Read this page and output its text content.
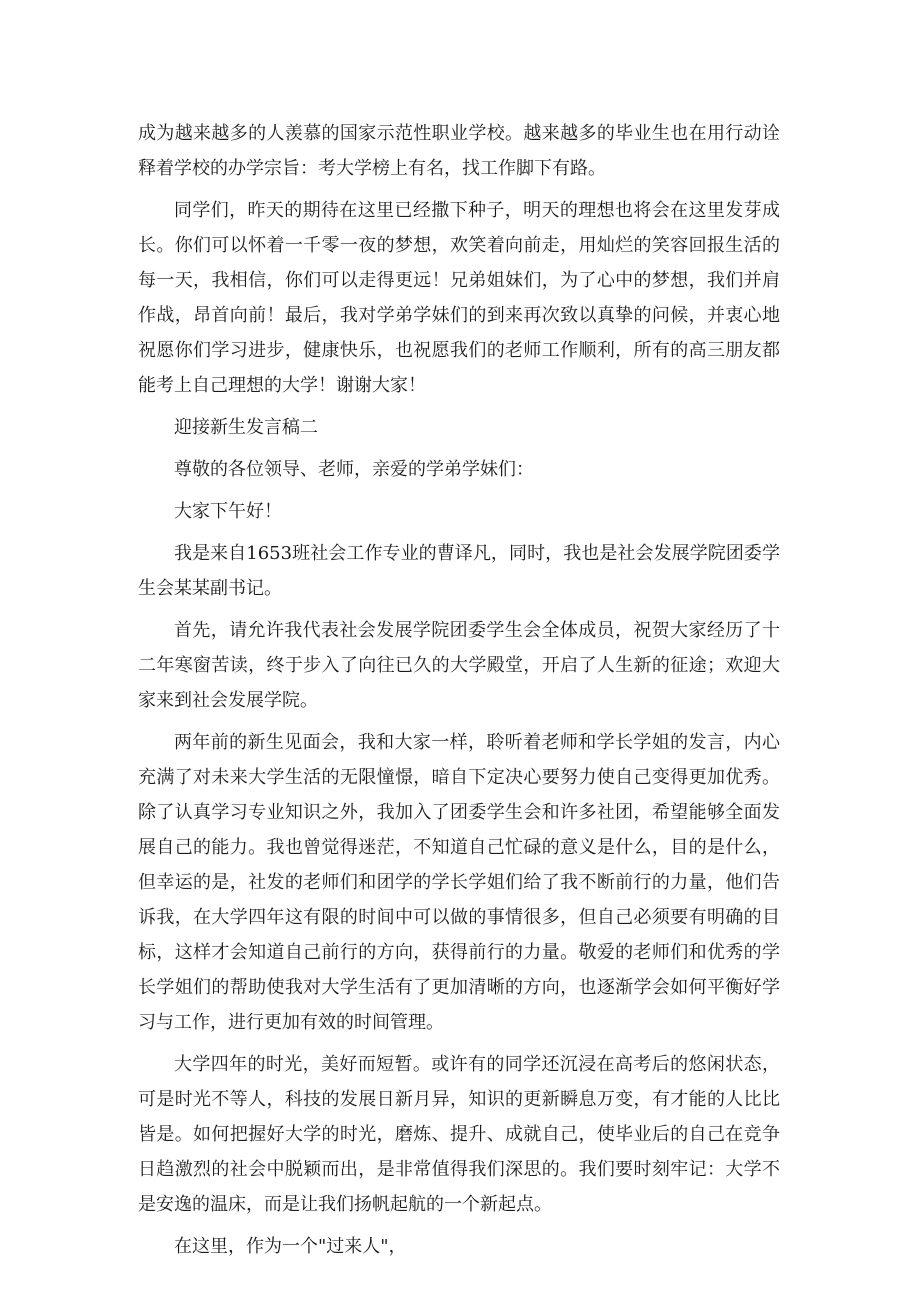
成为越来越多的人羡慕的国家示范性职业学校。越来越多的毕业生也在用行动诠释着学校的办学宗旨：考大学榜上有名，找工作脚下有路。

同学们，昨天的期待在这里已经撒下种子，明天的理想也将会在这里发芽成长。你们可以怀着一千零一夜的梦想，欢笑着向前走，用灿烂的笑容回报生活的每一天，我相信，你们可以走得更远！兄弟姐妹们，为了心中的梦想，我们并肩作战，昂首向前！最后，我对学弟学妹们的到来再次致以真挚的问候，并衷心地祝愿你们学习进步，健康快乐，也祝愿我们的老师工作顺利，所有的高三朋友都能考上自己理想的大学！谢谢大家！

迎接新生发言稿二

尊敬的各位领导、老师，亲爱的学弟学妹们：

大家下午好！

我是来自1653班社会工作专业的曹译凡，同时，我也是社会发展学院团委学生会某某副书记。

首先，请允许我代表社会发展学院团委学生会全体成员，祝贺大家经历了十二年寒窗苦读，终于步入了向往已久的大学殿堂，开启了人生新的征途；欢迎大家来到社会发展学院。

两年前的新生见面会，我和大家一样，聆听着老师和学长学姐的发言，内心充满了对未来大学生活的无限憧憬，暗自下定决心要努力使自己变得更加优秀。除了认真学习专业知识之外，我加入了团委学生会和许多社团，希望能够全面发展自己的能力。我也曾觉得迷茫，不知道自己忙碌的意义是什么，目的是什么，但幸运的是，社发的老师们和团学的学长学姐们给了我不断前行的力量，他们告诉我，在大学四年这有限的时间中可以做的事情很多，但自己必须要有明确的目标，这样才会知道自己前行的方向，获得前行的力量。敬爱的老师们和优秀的学长学姐们的帮助使我对大学生活有了更加清晰的方向，也逐渐学会如何平衡好学习与工作，进行更加有效的时间管理。

大学四年的时光，美好而短暂。或许有的同学还沉浸在高考后的悠闲状态，可是时光不等人，科技的发展日新月异，知识的更新瞬息万变，有才能的人比比皆是。如何把握好大学的时光，磨炼、提升、成就自己，使毕业后的自己在竞争日趋激烈的社会中脱颖而出，是非常值得我们深思的。我们要时刻牢记：大学不是安逸的温床，而是让我们扬帆起航的一个新起点。

在这里，作为一个"过来人"，
